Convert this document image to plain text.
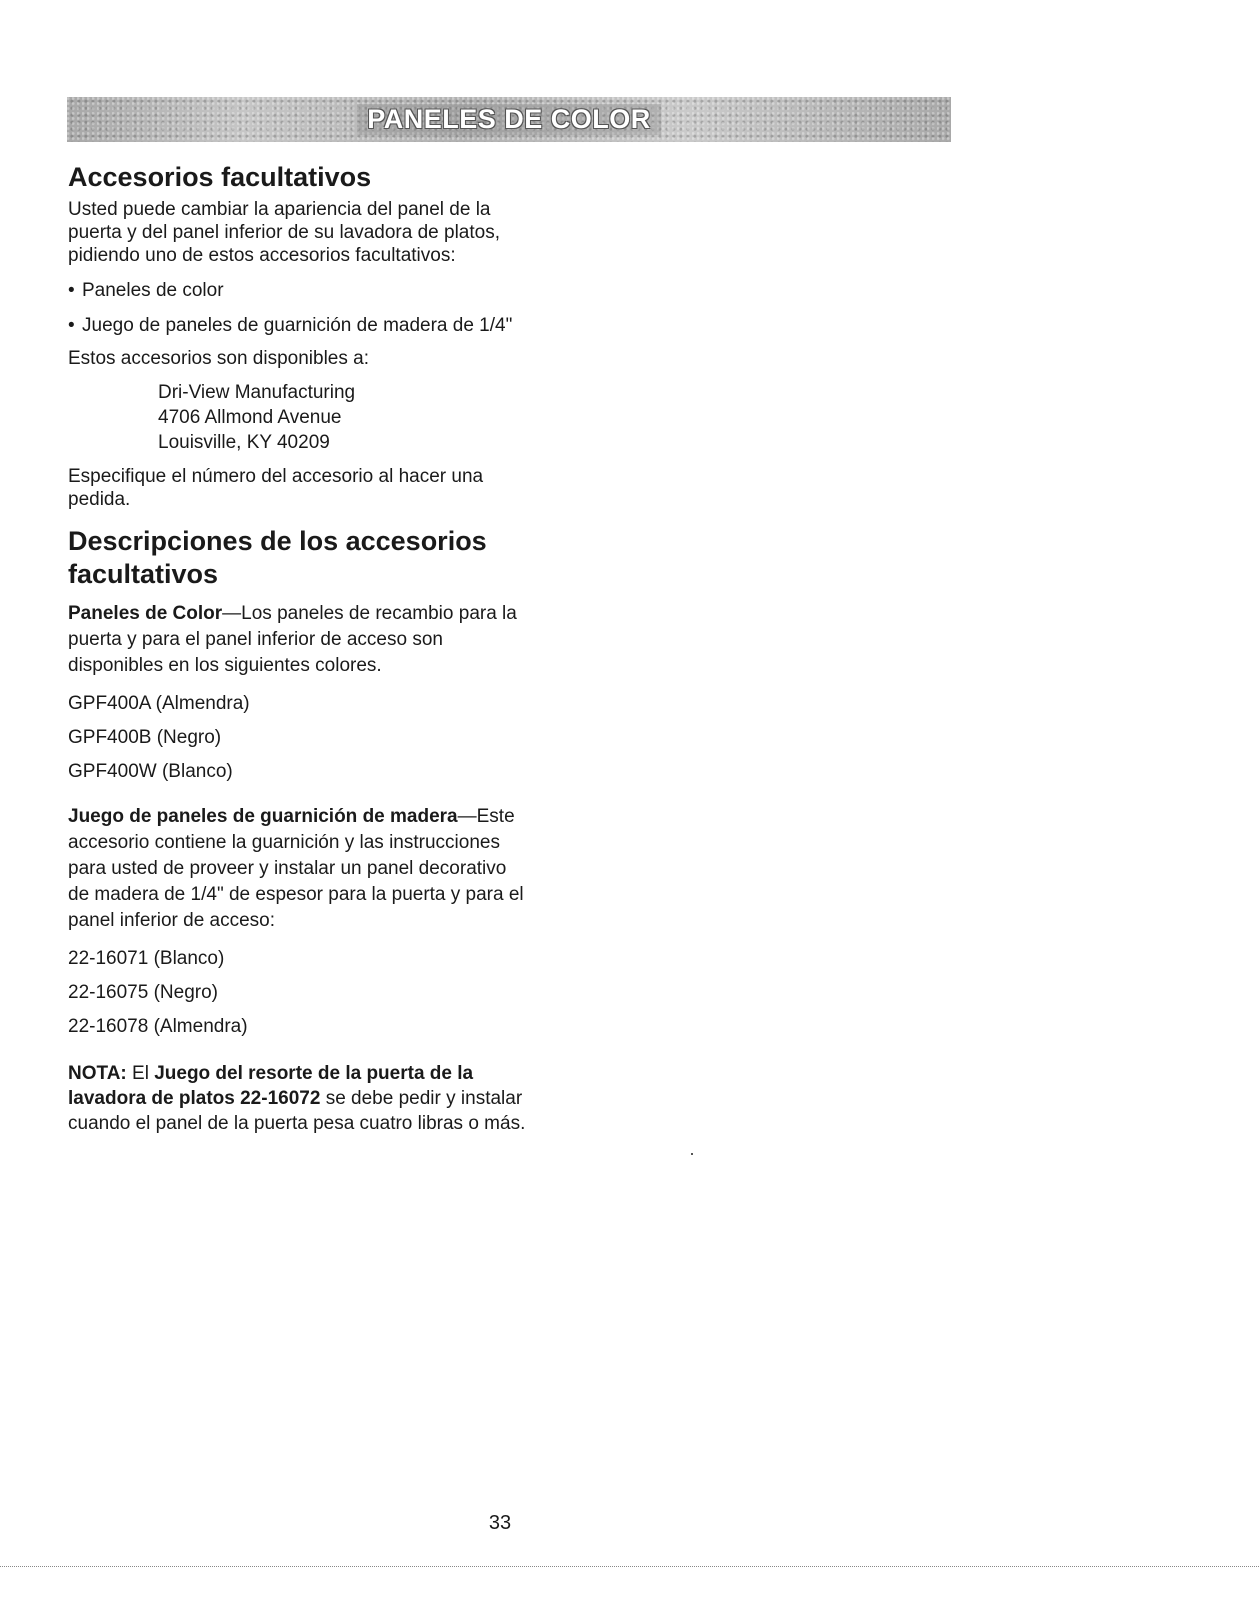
PANELES DE COLOR
Accesorios facultativos

Usted puede cambiar la apariencia del panel de la puerta y del panel inferior de su lavadora de platos, pidiendo uno de estos accesorios facultativos:

• Paneles de color
• Juego de paneles de guarnición de madera de 1/4"

Estos accesorios son disponibles a:

Dri-View Manufacturing

4706 Allmond Avenue

Louisville, KY 40209

Especifique el número del accesorio al hacer una pedida.

Descripciones de los accesorios facultativos

Paneles de Color—Los paneles de recambio para la puerta y para el panel inferior de acceso son disponibles en los siguientes colores.

GPF400A (Almendra)

GPF400B (Negro)

GPF400W (Blanco)

Juego de paneles de guarnición de madera—Este accesorio contiene la guarnición y las instrucciones para usted de proveer y instalar un panel decorativo de madera de 1/4" de espesor para la puerta y para el panel inferior de acceso:

22-16071 (Blanco)

22-16075 (Negro)

22-16078 (Almendra)

NOTA: El Juego del resorte de la puerta de la lavadora de platos 22-16072 se debe pedir y instalar cuando el panel de la puerta pesa cuatro libras o más.

33
